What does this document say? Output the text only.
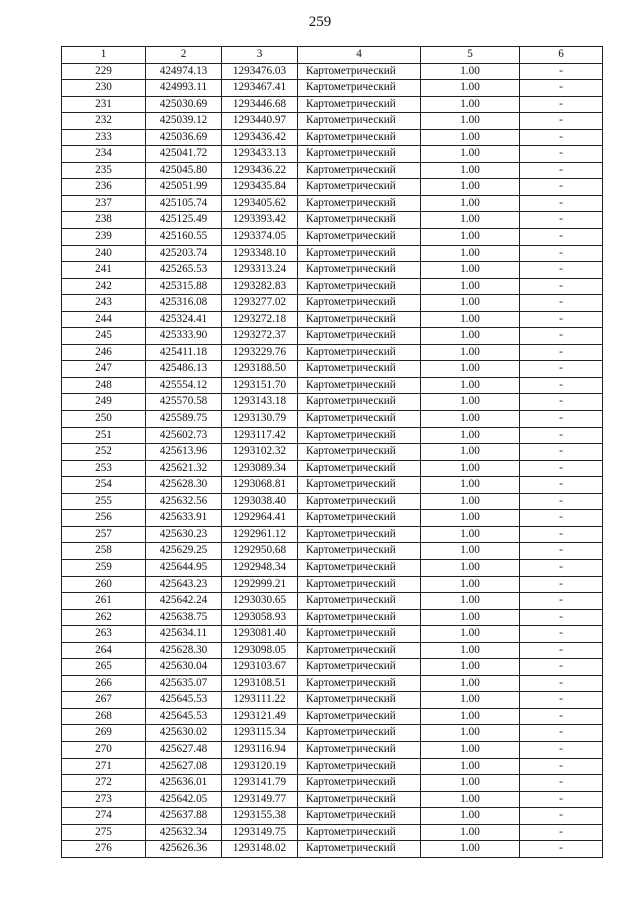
259
1	2	3	4	5	6
229	424974.13	1293476.03	Картометрический	1.00	-
230	424993.11	1293467.41	Картометрический	1.00	-
231	425030.69	1293446.68	Картометрический	1.00	-
232	425039.12	1293440.97	Картометрический	1.00	-
233	425036.69	1293436.42	Картометрический	1.00	-
234	425041.72	1293433.13	Картометрический	1.00	-
235	425045.80	1293436.22	Картометрический	1.00	-
236	425051.99	1293435.84	Картометрический	1.00	-
237	425105.74	1293405.62	Картометрический	1.00	-
238	425125.49	1293393.42	Картометрический	1.00	-
239	425160.55	1293374.05	Картометрический	1.00	-
240	425203.74	1293348.10	Картометрический	1.00	-
241	425265.53	1293313.24	Картометрический	1.00	-
242	425315.88	1293282.83	Картометрический	1.00	-
243	425316.08	1293277.02	Картометрический	1.00	-
244	425324.41	1293272.18	Картометрический	1.00	-
245	425333.90	1293272.37	Картометрический	1.00	-
246	425411.18	1293229.76	Картометрический	1.00	-
247	425486.13	1293188.50	Картометрический	1.00	-
248	425554.12	1293151.70	Картометрический	1.00	-
249	425570.58	1293143.18	Картометрический	1.00	-
250	425589.75	1293130.79	Картометрический	1.00	-
251	425602.73	1293117.42	Картометрический	1.00	-
252	425613.96	1293102.32	Картометрический	1.00	-
253	425621.32	1293089.34	Картометрический	1.00	-
254	425628.30	1293068.81	Картометрический	1.00	-
255	425632.56	1293038.40	Картометрический	1.00	-
256	425633.91	1292964.41	Картометрический	1.00	-
257	425630.23	1292961.12	Картометрический	1.00	-
258	425629.25	1292950.68	Картометрический	1.00	-
259	425644.95	1292948.34	Картометрический	1.00	-
260	425643.23	1292999.21	Картометрический	1.00	-
261	425642.24	1293030.65	Картометрический	1.00	-
262	425638.75	1293058.93	Картометрический	1.00	-
263	425634.11	1293081.40	Картометрический	1.00	-
264	425628.30	1293098.05	Картометрический	1.00	-
265	425630.04	1293103.67	Картометрический	1.00	-
266	425635.07	1293108.51	Картометрический	1.00	-
267	425645.53	1293111.22	Картометрический	1.00	-
268	425645.53	1293121.49	Картометрический	1.00	-
269	425630.02	1293115.34	Картометрический	1.00	-
270	425627.48	1293116.94	Картометрический	1.00	-
271	425627.08	1293120.19	Картометрический	1.00	-
272	425636.01	1293141.79	Картометрический	1.00	-
273	425642.05	1293149.77	Картометрический	1.00	-
274	425637.88	1293155.38	Картометрический	1.00	-
275	425632.34	1293149.75	Картометрический	1.00	-
276	425626.36	1293148.02	Картометрический	1.00	-
